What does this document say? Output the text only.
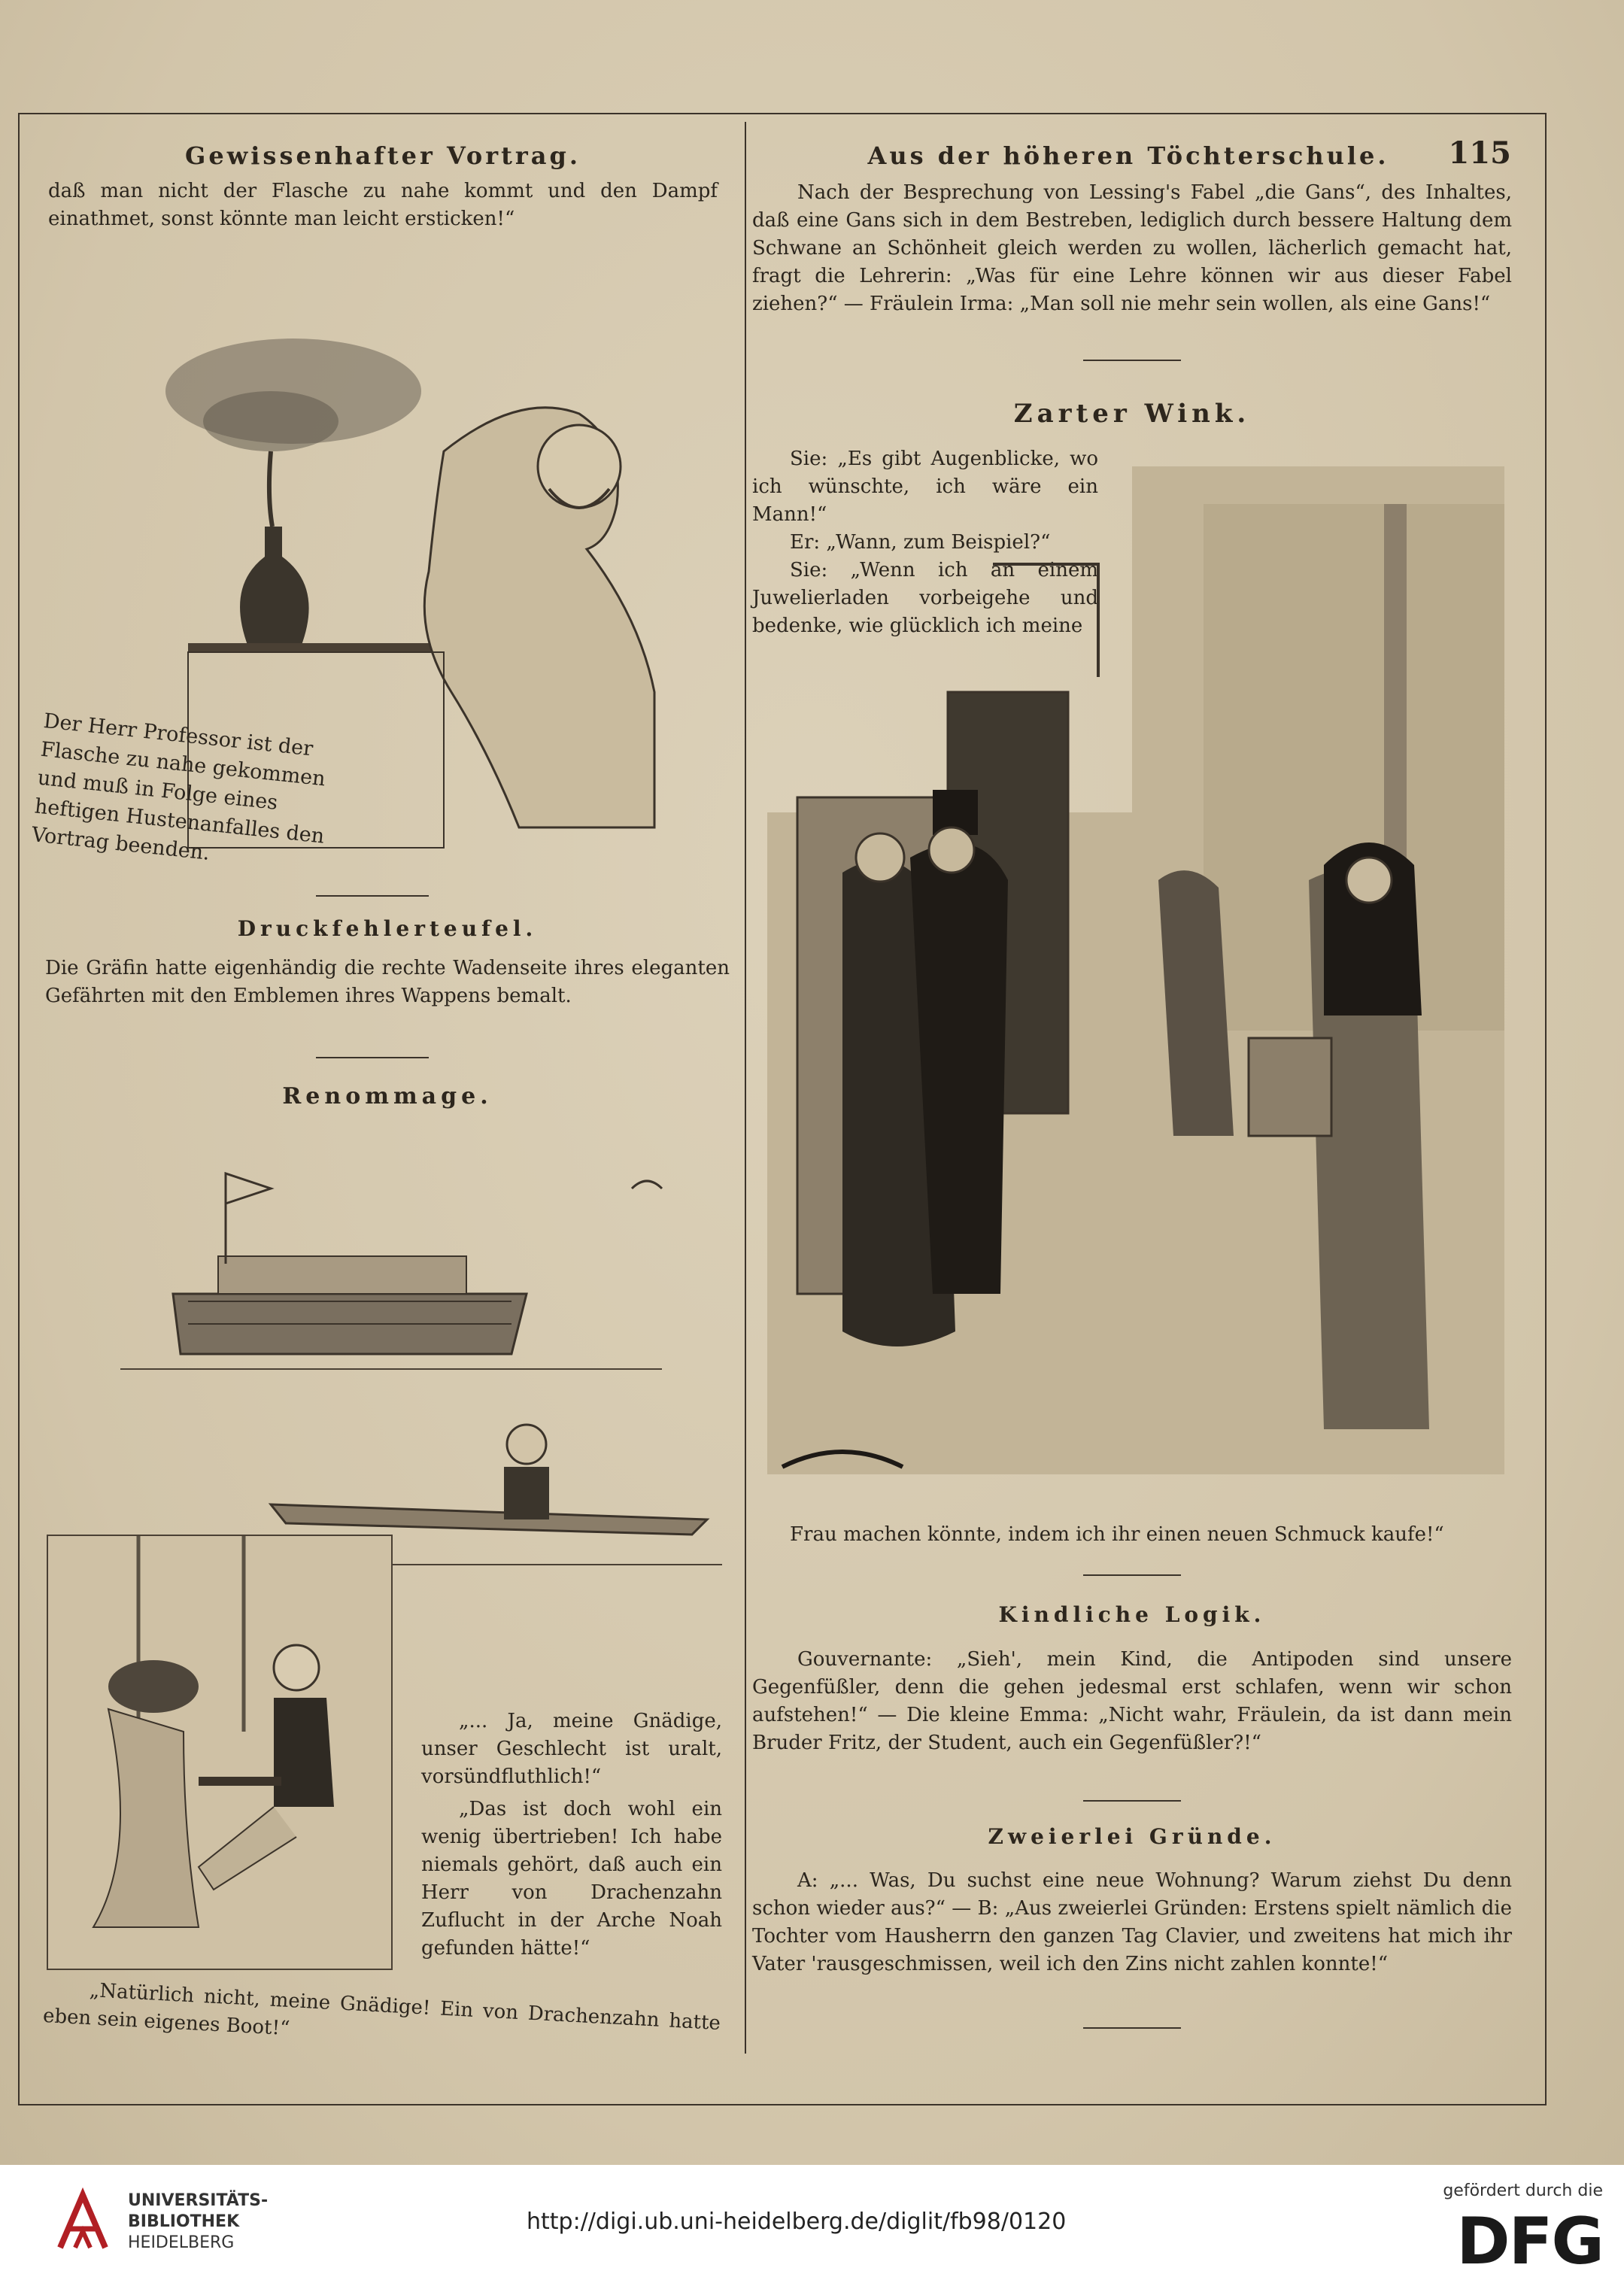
Gewissenhafter Vortrag.

daß man nicht der Flasche zu nahe kommt und den Dampf einathmet, sonst könnte man leicht ersticken!“

Der Herr Professor ist der Flasche zu nahe gekommen und muß in Folge eines heftigen Hustenanfalles den Vortrag beenden.

Druckfehlerteufel.

Die Gräfin hatte eigenhändig die rechte Wadenseite ihres eleganten Gefährten mit den Emblemen ihres Wappens bemalt.

Renommage.

„... Ja, meine Gnädige, unser Geschlecht ist uralt, vorsündfluthlich!“

„Das ist doch wohl ein wenig übertrieben! Ich habe niemals gehört, daß auch ein Herr von Drachenzahn Zuflucht in der Arche Noah gefunden hätte!“

„Natürlich nicht, meine Gnädige! Ein von Drachenzahn hatte eben sein eigenes Boot!“

Aus der höheren Töchterschule.	115

Nach der Besprechung von Lessing's Fabel „die Gans“, des Inhaltes, daß eine Gans sich in dem Bestreben, lediglich durch bessere Haltung dem Schwane an Schönheit gleich werden zu wollen, lächerlich gemacht hat, fragt die Lehrerin: „Was für eine Lehre können wir aus dieser Fabel ziehen?“ — Fräulein Irma: „Man soll nie mehr sein wollen, als eine Gans!“

Zarter Wink.

Sie: „Es gibt Augenblicke, wo ich wünschte, ich wäre ein Mann!“

Er: „Wann, zum Beispiel?“

Sie: „Wenn ich an einem Juwelierladen vorbeigehe und bedenke, wie glücklich ich meine

Frau machen könnte, indem ich ihr einen neuen Schmuck kaufe!“

Kindliche Logik.

Gouvernante: „Sieh', mein Kind, die Antipoden sind unsere Gegenfüßler, denn die gehen jedesmal erst schlafen, wenn wir schon aufstehen!“ — Die kleine Emma: „Nicht wahr, Fräulein, da ist dann mein Bruder Fritz, der Student, auch ein Gegenfüßler?!“

Zweierlei Gründe.

A: „... Was, Du suchst eine neue Wohnung? Warum ziehst Du denn schon wieder aus?“ — B: „Aus zweierlei Gründen: Erstens spielt nämlich die Tochter vom Hausherrn den ganzen Tag Clavier, und zweitens hat mich ihr Vater 'rausgeschmissen, weil ich den Zins nicht zahlen konnte!“

UNIVERSITÄTS-
BIBLIOTHEK
HEIDELBERG
http://digi.ub.uni-heidelberg.de/diglit/fb98/0120
gefördert durch die
DFG
